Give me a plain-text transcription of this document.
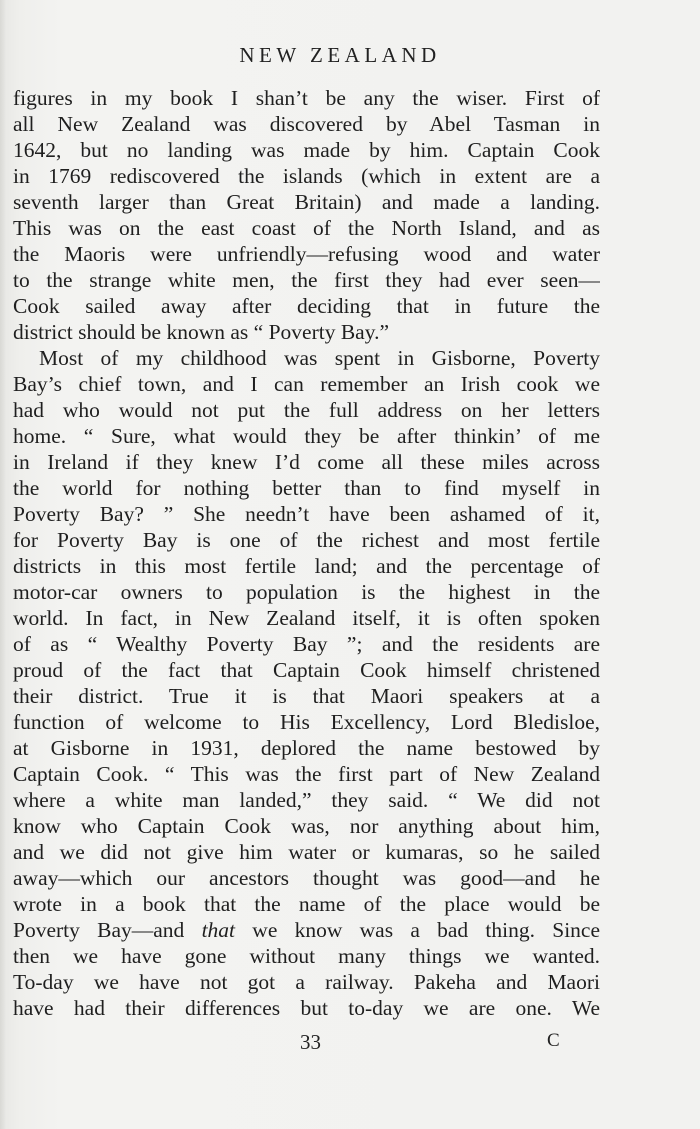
NEW ZEALAND
figures in my book I shan’t be any the wiser. First of
all New Zealand was discovered by Abel Tasman in
1642, but no landing was made by him. Captain Cook
in 1769 rediscovered the islands (which in extent are a
seventh larger than Great Britain) and made a landing.
This was on the east coast of the North Island, and as
the Maoris were unfriendly—refusing wood and water
to the strange white men, the first they had ever seen—
Cook sailed away after deciding that in future the
district should be known as “ Poverty Bay.”
Most of my childhood was spent in Gisborne, Poverty
Bay’s chief town, and I can remember an Irish cook we
had who would not put the full address on her letters
home. “ Sure, what would they be after thinkin’ of me
in Ireland if they knew I’d come all these miles across
the world for nothing better than to find myself in
Poverty Bay? ” She needn’t have been ashamed of it,
for Poverty Bay is one of the richest and most fertile
districts in this most fertile land; and the percentage of
motor-car owners to population is the highest in the
world. In fact, in New Zealand itself, it is often spoken
of as “ Wealthy Poverty Bay ”; and the residents are
proud of the fact that Captain Cook himself christened
their district. True it is that Maori speakers at a
function of welcome to His Excellency, Lord Bledisloe,
at Gisborne in 1931, deplored the name bestowed by
Captain Cook. “ This was the first part of New Zealand
where a white man landed,” they said. “ We did not
know who Captain Cook was, nor anything about him,
and we did not give him water or kumaras, so he sailed
away—which our ancestors thought was good—and he
wrote in a book that the name of the place would be
Poverty Bay—and that we know was a bad thing. Since
then we have gone without many things we wanted.
To-day we have not got a railway. Pakeha and Maori
have had their differences but to-day we are one. We
33	C
